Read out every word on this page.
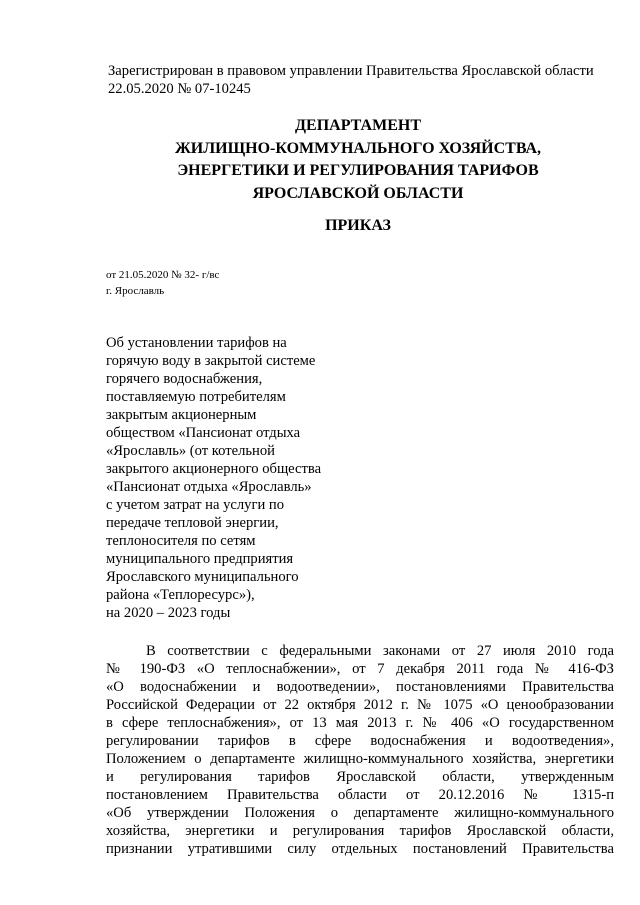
Зарегистрирован в правовом управлении Правительства Ярославской области
22.05.2020 № 07-10245
ДЕПАРТАМЕНТ
ЖИЛИЩНО-КОММУНАЛЬНОГО ХОЗЯЙСТВА,
ЭНЕРГЕТИКИ И РЕГУЛИРОВАНИЯ ТАРИФОВ
ЯРОСЛАВСКОЙ ОБЛАСТИ
ПРИКАЗ
от 21.05.2020 № 32- г/вс
г. Ярославль
Об установлении тарифов на
горячую воду в закрытой системе
горячего водоснабжения,
поставляемую потребителям
закрытым акционерным
обществом «Пансионат отдыха
«Ярославль» (от котельной
закрытого акционерного общества
«Пансионат отдыха «Ярославль»
с учетом затрат на услуги по
передаче тепловой энергии,
теплоносителя по сетям
муниципального предприятия
Ярославского муниципального
района «Теплоресурс»),
на 2020 – 2023 годы
В соответствии с федеральными законами от 27 июля 2010 года
№ 190-ФЗ «О теплоснабжении», от 7 декабря 2011 года № 416-ФЗ
«О водоснабжении и водоотведении», постановлениями Правительства
Российской Федерации от 22 октября 2012 г. № 1075 «О ценообразовании
в сфере теплоснабжения», от 13 мая 2013 г. № 406 «О государственном
регулировании тарифов в сфере водоснабжения и водоотведения»,
Положением о департаменте жилищно-коммунального хозяйства, энергетики
и регулирования тарифов Ярославской области, утвержденным
постановлением Правительства области от 20.12.2016 № 1315-п
«Об утверждении Положения о департаменте жилищно-коммунального
хозяйства, энергетики и регулирования тарифов Ярославской области,
признании утратившими силу отдельных постановлений Правительства
